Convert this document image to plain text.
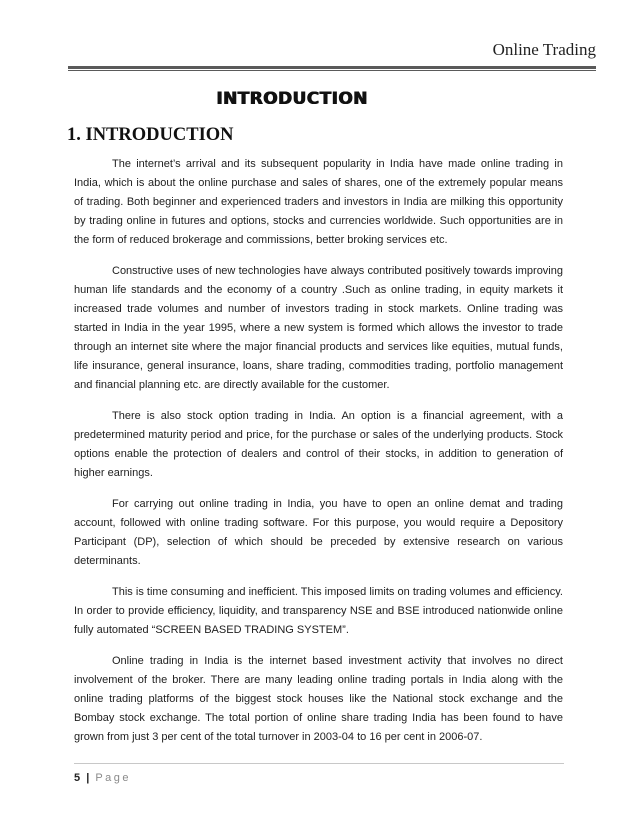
Online Trading
INTRODUCTION
1. INTRODUCTION

The internet’s arrival and its subsequent popularity in India have made online trading in India, which is about the online purchase and sales of shares, one of the extremely popular means of trading. Both beginner and experienced traders and investors in India are milking this opportunity by trading online in futures and options, stocks and currencies worldwide. Such opportunities are in the form of reduced brokerage and commissions, better broking services etc.

Constructive uses of new technologies have always contributed positively towards improving human life standards and the economy of a country .Such as online trading, in equity markets it increased trade volumes and number of investors trading in stock markets. Online trading was started in India in the year 1995, where a new system is formed which allows the investor to trade through an internet site where the major financial products and services like equities, mutual funds, life insurance, general insurance, loans, share trading, commodities trading, portfolio management and financial planning etc. are directly available for the customer.

There is also stock option trading in India. An option is a financial agreement, with a predetermined maturity period and price, for the purchase or sales of the underlying products. Stock options enable the protection of dealers and control of their stocks, in addition to generation of higher earnings.

For carrying out online trading in India, you have to open an online demat and trading account, followed with online trading software. For this purpose, you would require a Depository Participant (DP), selection of which should be preceded by extensive research on various determinants.

This is time consuming and inefficient. This imposed limits on trading volumes and efficiency. In order to provide efficiency, liquidity, and transparency NSE and BSE introduced nationwide online fully automated “SCREEN BASED TRADING SYSTEM”.

Online trading in India is the internet based investment activity that involves no direct involvement of the broker. There are many leading online trading portals in India along with the online trading platforms of the biggest stock houses like the National stock exchange and the Bombay stock exchange. The total portion of online share trading India has been found to have grown from just 3 per cent of the total turnover in 2003-04 to 16 per cent in 2006-07.

5 | Page
